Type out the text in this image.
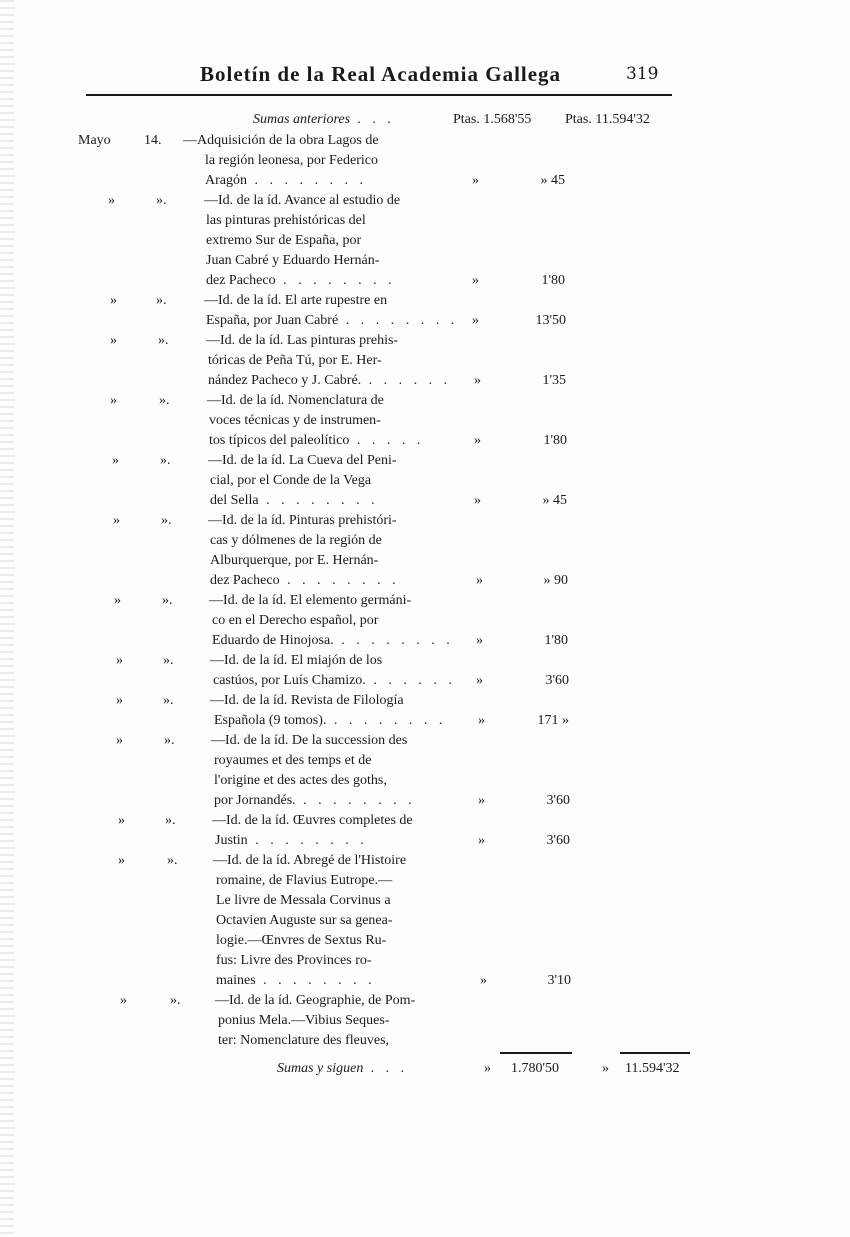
Boletín de la Real Academia Gallega	319
Sumas anteriores . . .	Ptas. 1.568'55 Ptas. 11.594'32
Mayo 14. —Adquisición de la obra Lagos de
la región leonesa, por Federico
Aragón . . . . . . . .	»	» 45
»	».	—Id. de la íd. Avance al estudio de
las pinturas prehistóricas del
extremo Sur de España, por
Juan Cabré y Eduardo Hernán-
dez Pacheco . . . . . . . .	»	1'80
»	».	—Id. de la íd. El arte rupestre en
España, por Juan Cabré . . . . . . . . »	13'50
»	».	—Id. de la íd. Las pinturas prehis-
tóricas de Peña Tú, por E. Her-
nández Pacheco y J. Cabré. . . . . . . »	1'35
»	».	—Id. de la íd. Nomenclatura de
voces técnicas y de instrumen-
tos típicos del paleolítico . . . . .	»	1'80
»	».	—Id. de la íd. La Cueva del Peni-
cial, por el Conde de la Vega
del Sella . . . . . . . .	»	» 45
»	».	—Id. de la íd. Pinturas prehistóri-
cas y dólmenes de la región de
Alburquerque, por E. Hernán-
dez Pacheco . . . . . . . .	»	» 90
»	».	—Id. de la íd. El elemento germáni-
co en el Derecho español, por
Eduardo de Hinojosa. . . . . . . . . »	1'80
»	».	—Id. de la íd. El miajón de los
castúos, por Luís Chamizo. . . . . . . »	3'60
»	».	—Id. de la íd. Revista de Filología
Española (9 tomos). . . . . . . . . »	171 »
»	».	—Id. de la íd. De la succession des
royaumes et des temps et de
l'origine et des actes des goths,
por Jornandés. . . . . . . . .	»	3'60
»	».	—Id. de la íd. Œuvres completes de
Justin . . . . . . . .	»	3'60
»	».	—Id. de la íd. Abregé de l'Histoire
romaine, de Flavius Eutrope.—
Le livre de Messala Corvinus a
Octavien Auguste sur sa genea-
logie.—Œnvres de Sextus Ru-
fus: Livre des Provinces ro-
maines . . . . . . . .	»	3'10
»	». —Id. de la íd. Geographie, de Pom-
ponius Mela.—Vibius Seques-
ter: Nomenclature des fleuves,
Sumas y siguen . . .	» 1.780'50	» 11.594'32
